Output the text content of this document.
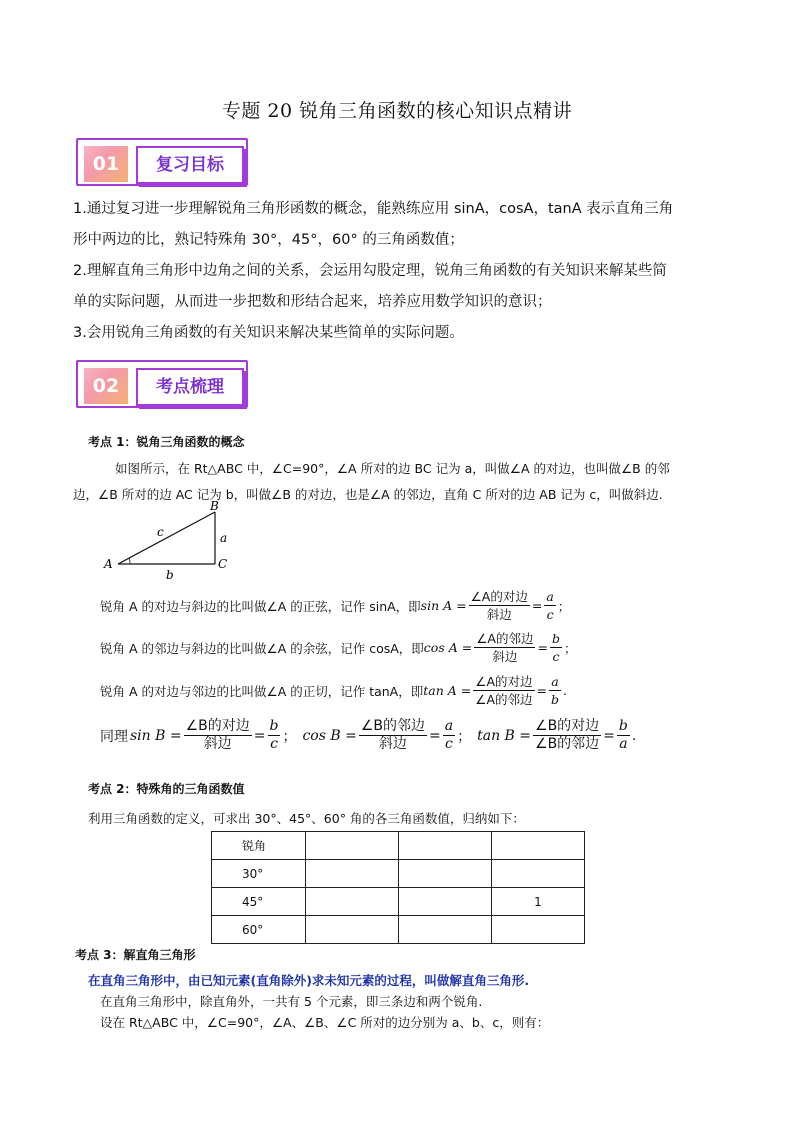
专题 20 锐角三角函数的核心知识点精讲
01	复习目标
1.通过复习进一步理解锐角三角形函数的概念，能熟练应用 sinA，cosA，tanA 表示直角三角
形中两边的比，熟记特殊角 30°，45°，60° 的三角函数值；
2.理解直角三角形中边角之间的关系，会运用勾股定理，锐角三角函数的有关知识来解某些简
单的实际问题，从而进一步把数和形结合起来，培养应用数学知识的意识；
3.会用锐角三角函数的有关知识来解决某些简单的实际问题。
02	考点梳理
考点 1：锐角三角函数的概念
如图所示，在 Rt△ABC 中，∠C=90°，∠A 所对的边 BC 记为 a，叫做∠A 的对边，也叫做∠B 的邻
边，∠B 所对的边 AC 记为 b，叫做∠B 的对边，也是∠A 的邻边，直角 C 所对的边 AB 记为 c，叫做斜边.
A
B
C
a
b
c
锐角 A 的对边与斜边的比叫做∠A 的正弦，记作 sinA，即 $\sin A = \frac{\text{∠A的对边}}{\text{斜边}} = \frac{a}{c}$ ；
锐角 A 的邻边与斜边的比叫做∠A 的余弦，记作 cosA，即 $\cos A = \frac{\text{∠A的邻边}}{\text{斜边}} = \frac{b}{c}$ ；
锐角 A 的对边与邻边的比叫做∠A 的正切，记作 tanA，即 $\tan A = \frac{\text{∠A的对边}}{\text{∠A的邻边}} = \frac{a}{b}$ .
同理 $\sin B = \frac{\text{∠B的对边}}{\text{斜边}} = \frac{b}{c}$ ； $\cos B = \frac{\text{∠B的邻边}}{\text{斜边}} = \frac{a}{c}$ ； $\tan B = \frac{\text{∠B的对边}}{\text{∠B的邻边}} = \frac{b}{a}$ .
考点 2：特殊角的三角函数值
利用三角函数的定义，可求出 30°、45°、60° 角的各三角函数值，归纳如下：
锐角			
30°			
45°			1
60°			
考点 3：解直角三角形
在直角三角形中，由已知元素(直角除外)求未知元素的过程，叫做解直角三角形.
在直角三角形中，除直角外，一共有 5 个元素，即三条边和两个锐角.
设在 Rt△ABC 中，∠C=90°，∠A、∠B、∠C 所对的边分别为 a、b、c，则有：
